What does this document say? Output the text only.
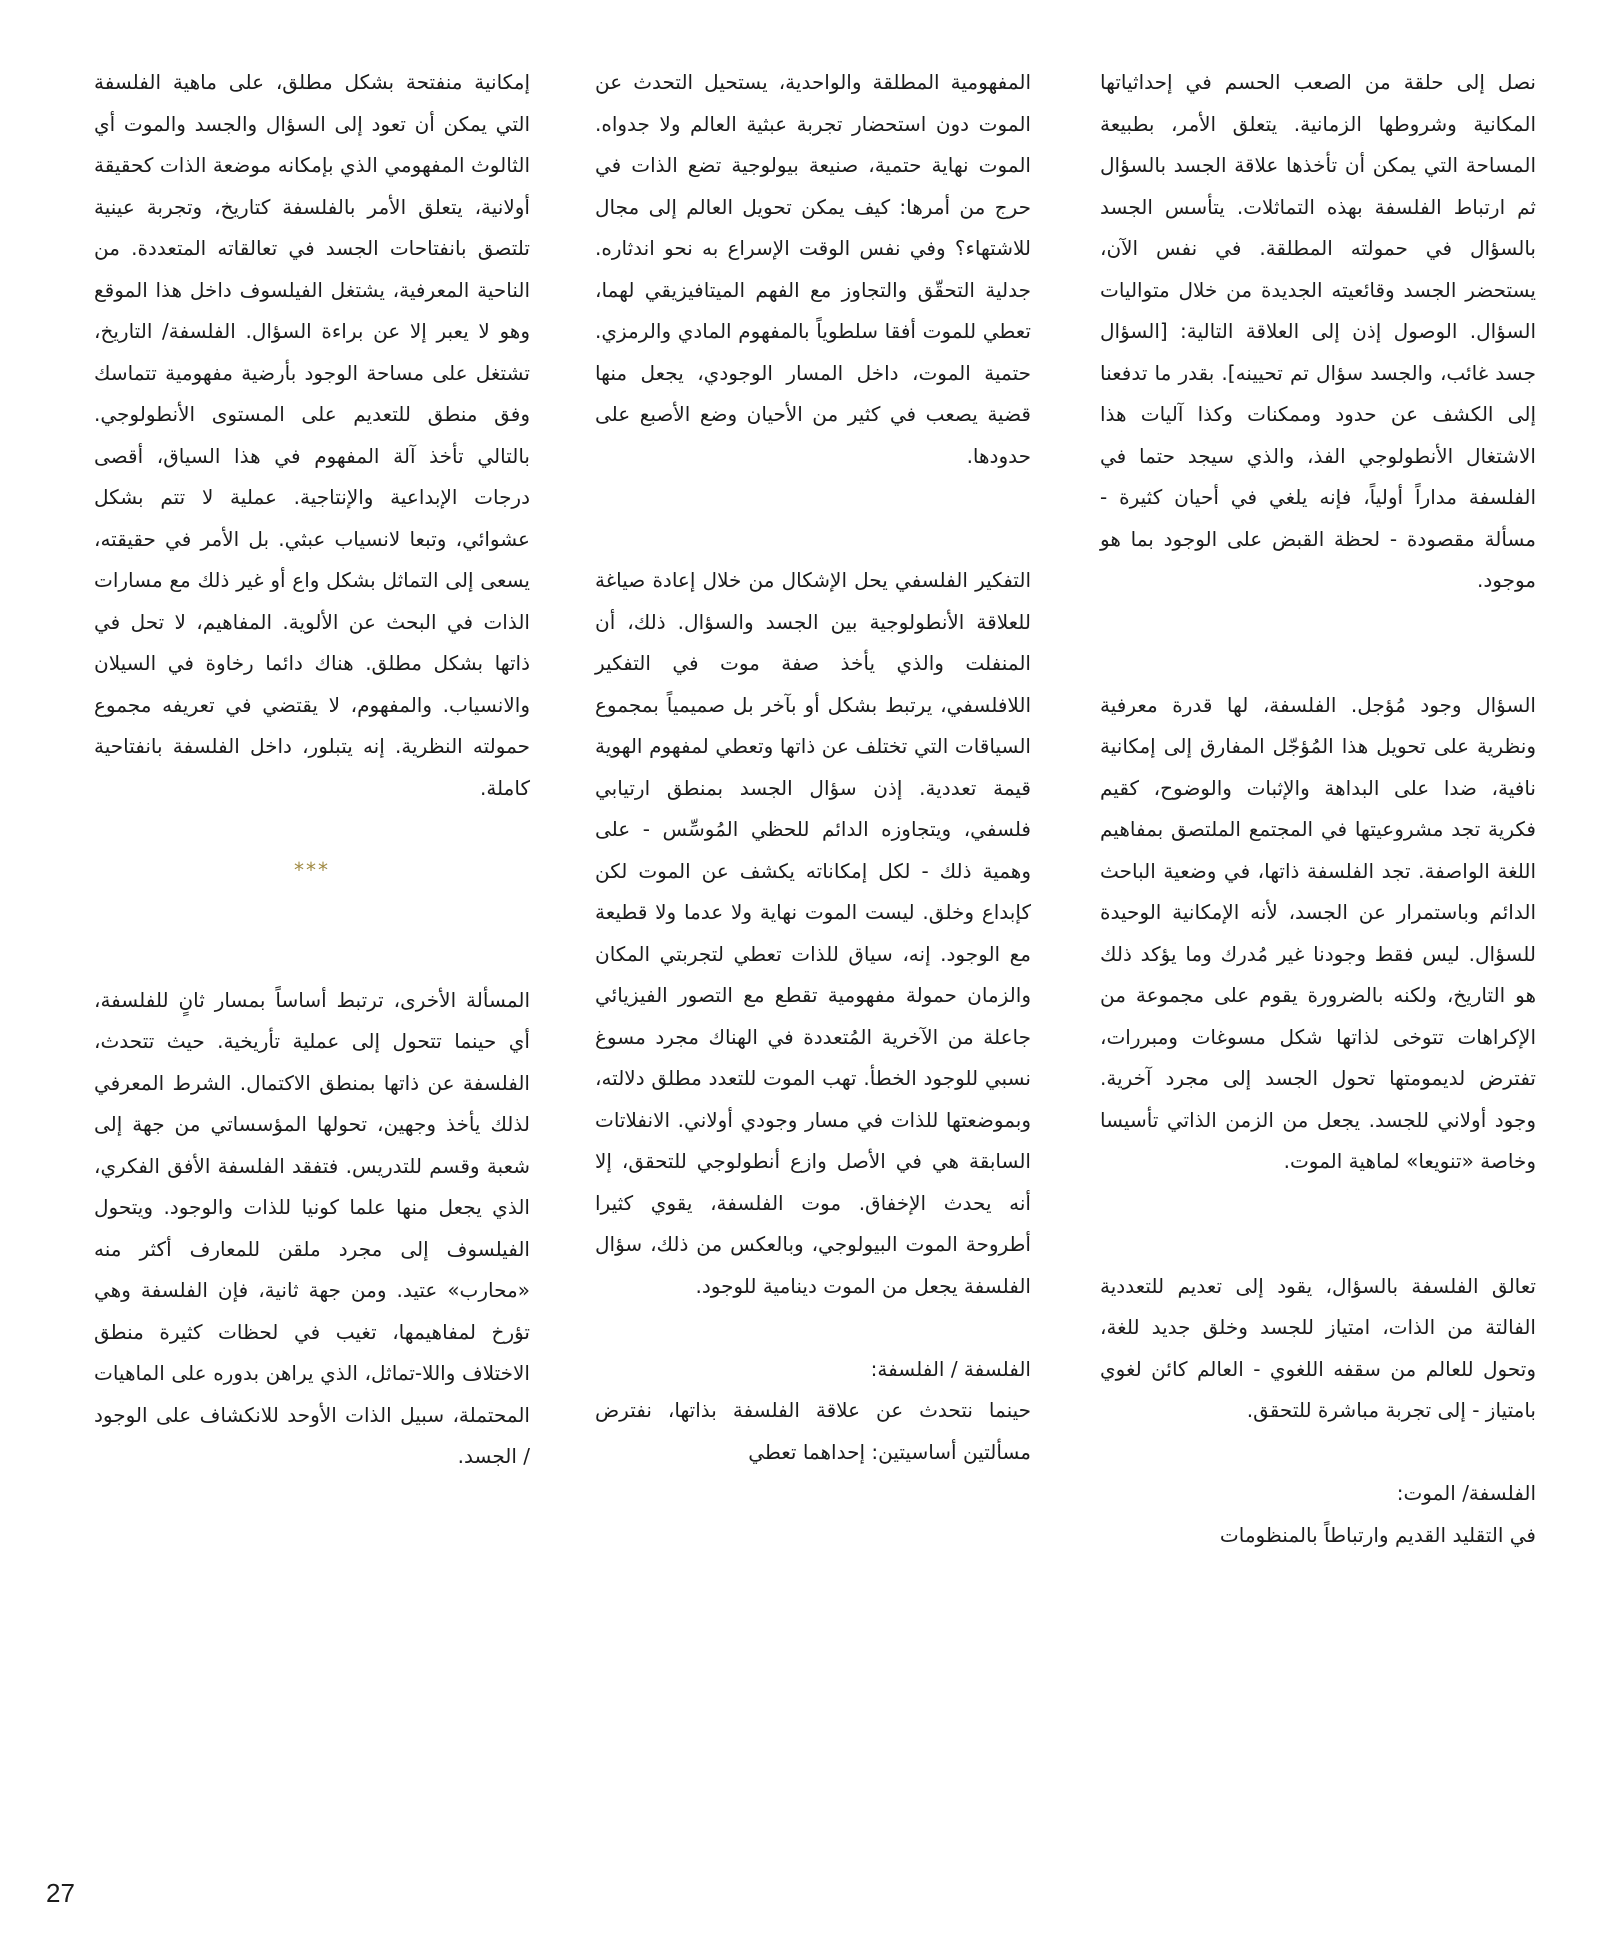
نصل إلى حلقة من الصعب الحسم في إحداثياتها المكانية وشروطها الزمانية. يتعلق الأمر، بطبيعة المساحة التي يمكن أن تأخذها علاقة الجسد بالسؤال ثم ارتباط الفلسفة بهذه التماثلات. يتأسس الجسد بالسؤال في حمولته المطلقة. في نفس الآن، يستحضر الجسد وقائعيته الجديدة من خلال متواليات السؤال. الوصول إذن إلى العلاقة التالية: [السؤال جسد غائب، والجسد سؤال تم تحيينه]. بقدر ما تدفعنا إلى الكشف عن حدود وممكنات وكذا آليات هذا الاشتغال الأنطولوجي الفذ، والذي سيجد حتما في الفلسفة مداراً أولياً، فإنه يلغي في أحيان كثيرة - مسألة مقصودة - لحظة القبض على الوجود بما هو موجود.

السؤال وجود مُؤجل. الفلسفة، لها قدرة معرفية ونظرية على تحويل هذا المُؤجّل المفارق إلى إمكانية نافية، ضدا على البداهة والإثبات والوضوح، كقيم فكرية تجد مشروعيتها في المجتمع الملتصق بمفاهيم اللغة الواصفة. تجد الفلسفة ذاتها، في وضعية الباحث الدائم وباستمرار عن الجسد، لأنه الإمكانية الوحيدة للسؤال. ليس فقط وجودنا غير مُدرك وما يؤكد ذلك هو التاريخ، ولكنه بالضرورة يقوم على مجموعة من الإكراهات تتوخى لذاتها شكل مسوغات ومبررات، تفترض لديمومتها تحول الجسد إلى مجرد آخرية. وجود أولاني للجسد. يجعل من الزمن الذاتي تأسيسا وخاصة «تنويعا» لماهية الموت.

تعالق الفلسفة بالسؤال، يقود إلى تعديم للتعددية الفالتة من الذات، امتياز للجسد وخلق جديد للغة، وتحول للعالم من سقفه اللغوي - العالم كائن لغوي بامتياز - إلى تجربة مباشرة للتحقق.

الفلسفة/ الموت:

في التقليد القديم وارتباطاً بالمنظومات

المفهومية المطلقة والواحدية، يستحيل التحدث عن الموت دون استحضار تجربة عبثية العالم ولا جدواه. الموت نهاية حتمية، صنيعة بيولوجية تضع الذات في حرج من أمرها: كيف يمكن تحويل العالم إلى مجال للاشتهاء؟ وفي نفس الوقت الإسراع به نحو اندثاره. جدلية التحقّق والتجاوز مع الفهم الميتافيزيقي لهما، تعطي للموت أفقا سلطوياً بالمفهوم المادي والرمزي. حتمية الموت، داخل المسار الوجودي، يجعل منها قضية يصعب في كثير من الأحيان وضع الأصبع على حدودها.

التفكير الفلسفي يحل الإشكال من خلال إعادة صياغة للعلاقة الأنطولوجية بين الجسد والسؤال. ذلك، أن المنفلت والذي يأخذ صفة موت في التفكير اللافلسفي، يرتبط بشكل أو بآخر بل صميمياً بمجموع السياقات التي تختلف عن ذاتها وتعطي لمفهوم الهوية قيمة تعددية. إذن سؤال الجسد بمنطق ارتيابي فلسفي، ويتجاوزه الدائم للحظي المُوسِّس - على وهمية ذلك - لكل إمكاناته يكشف عن الموت لكن كإبداع وخلق. ليست الموت نهاية ولا عدما ولا قطيعة مع الوجود. إنه، سياق للذات تعطي لتجربتي المكان والزمان حمولة مفهومية تقطع مع التصور الفيزيائي جاعلة من الآخرية المُتعددة في الهناك مجرد مسوغ نسبي للوجود الخطأ. تهب الموت للتعدد مطلق دلالته، وبموضعتها للذات في مسار وجودي أولاني. الانفلاتات السابقة هي في الأصل وازع أنطولوجي للتحقق، إلا أنه يحدث الإخفاق. موت الفلسفة، يقوي كثيرا أطروحة الموت البيولوجي، وبالعكس من ذلك، سؤال الفلسفة يجعل من الموت دينامية للوجود.

الفلسفة / الفلسفة:

حينما نتحدث عن علاقة الفلسفة بذاتها، نفترض مسألتين أساسيتين: إحداهما تعطي

إمكانية منفتحة بشكل مطلق، على ماهية الفلسفة التي يمكن أن تعود إلى السؤال والجسد والموت أي الثالوث المفهومي الذي بإمكانه موضعة الذات كحقيقة أولانية، يتعلق الأمر بالفلسفة كتاريخ، وتجربة عينية تلتصق بانفتاحات الجسد في تعالقاته المتعددة. من الناحية المعرفية، يشتغل الفيلسوف داخل هذا الموقع وهو لا يعبر إلا عن براءة السؤال. الفلسفة/ التاريخ، تشتغل على مساحة الوجود بأرضية مفهومية تتماسك وفق منطق للتعديم على المستوى الأنطولوجي. بالتالي تأخذ آلة المفهوم في هذا السياق، أقصى درجات الإبداعية والإنتاجية. عملية لا تتم بشكل عشوائي، وتبعا لانسياب عبثي. بل الأمر في حقيقته، يسعى إلى التماثل بشكل واع أو غير ذلك مع مسارات الذات في البحث عن الألوية. المفاهيم، لا تحل في ذاتها بشكل مطلق. هناك دائما رخاوة في السيلان والانسياب. والمفهوم، لا يقتضي في تعريفه مجموع حمولته النظرية. إنه يتبلور، داخل الفلسفة بانفتاحية كاملة.

***

المسألة الأخرى، ترتبط أساساً بمسار ثانٍ للفلسفة، أي حينما تتحول إلى عملية تأريخية. حيث تتحدث، الفلسفة عن ذاتها بمنطق الاكتمال. الشرط المعرفي لذلك يأخذ وجهين، تحولها المؤسساتي من جهة إلى شعبة وقسم للتدريس. فتفقد الفلسفة الأفق الفكري، الذي يجعل منها علما كونيا للذات والوجود. ويتحول الفيلسوف إلى مجرد ملقن للمعارف أكثر منه «محارب» عتيد. ومن جهة ثانية، فإن الفلسفة وهي تؤرخ لمفاهيمها، تغيب في لحظات كثيرة منطق الاختلاف واللا-تماثل، الذي يراهن بدوره على الماهيات المحتملة، سبيل الذات الأوحد للانكشاف على الوجود / الجسد.

27
